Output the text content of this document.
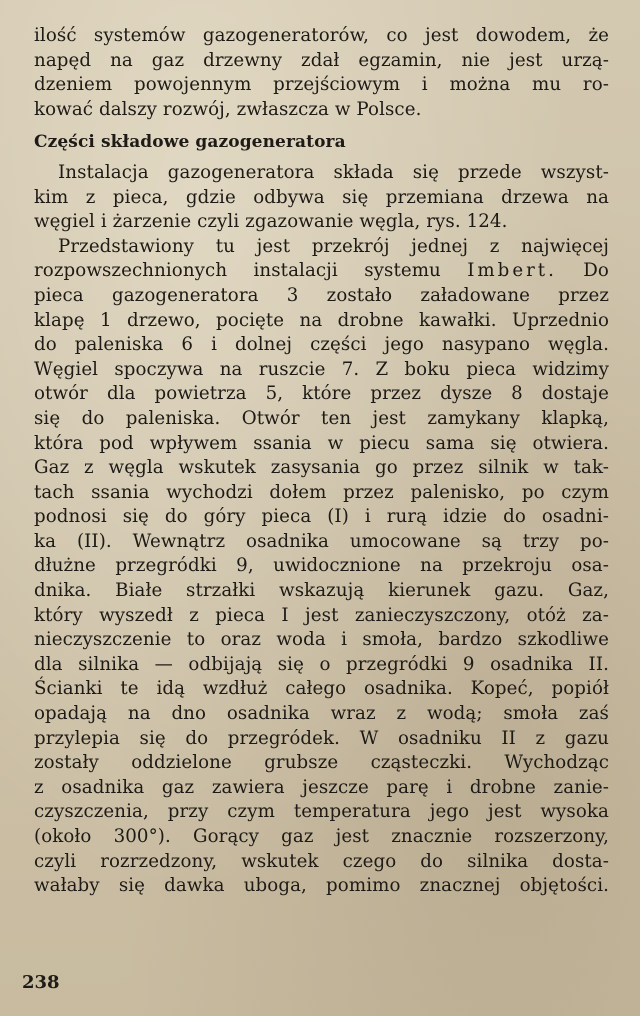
ilość systemów gazogeneratorów, co jest dowodem, że
napęd na gaz drzewny zdał egzamin, nie jest urzą-
dzeniem powojennym przejściowym i można mu ro-
kować dalszy rozwój, zwłaszcza w Polsce.
Części składowe gazogeneratora
Instalacja gazogeneratora składa się przede wszyst-
kim z pieca, gdzie odbywa się przemiana drzewa na
węgiel i żarzenie czyli zgazowanie węgla, rys. 124.
Przedstawiony tu jest przekrój jednej z najwięcej
rozpowszechnionych instalacji systemu Imbert. Do
pieca gazogeneratora 3 zostało załadowane przez
klapę 1 drzewo, pocięte na drobne kawałki. Uprzednio
do paleniska 6 i dolnej części jego nasypano węgla.
Węgiel spoczywa na ruszcie 7. Z boku pieca widzimy
otwór dla powietrza 5, które przez dysze 8 dostaje
się do paleniska. Otwór ten jest zamykany klapką,
która pod wpływem ssania w piecu sama się otwiera.
Gaz z węgla wskutek zasysania go przez silnik w tak-
tach ssania wychodzi dołem przez palenisko, po czym
podnosi się do góry pieca (I) i rurą idzie do osadni-
ka (II). Wewnątrz osadnika umocowane są trzy po-
dłużne przegródki 9, uwidocznione na przekroju osa-
dnika. Białe strzałki wskazują kierunek gazu. Gaz,
który wyszedł z pieca I jest zanieczyszczony, otóż za-
nieczyszczenie to oraz woda i smoła, bardzo szkodliwe
dla silnika — odbijają się o przegródki 9 osadnika II.
Ścianki te idą wzdłuż całego osadnika. Kopeć, popiół
opadają na dno osadnika wraz z wodą; smoła zaś
przylepia się do przegródek. W osadniku II z gazu
zostały oddzielone grubsze cząsteczki. Wychodząc
z osadnika gaz zawiera jeszcze parę i drobne zanie-
czyszczenia, przy czym temperatura jego jest wysoka
(około 300°). Gorący gaz jest znacznie rozszerzony,
czyli rozrzedzony, wskutek czego do silnika dosta-
wałaby się dawka uboga, pomimo znacznej objętości.
238
